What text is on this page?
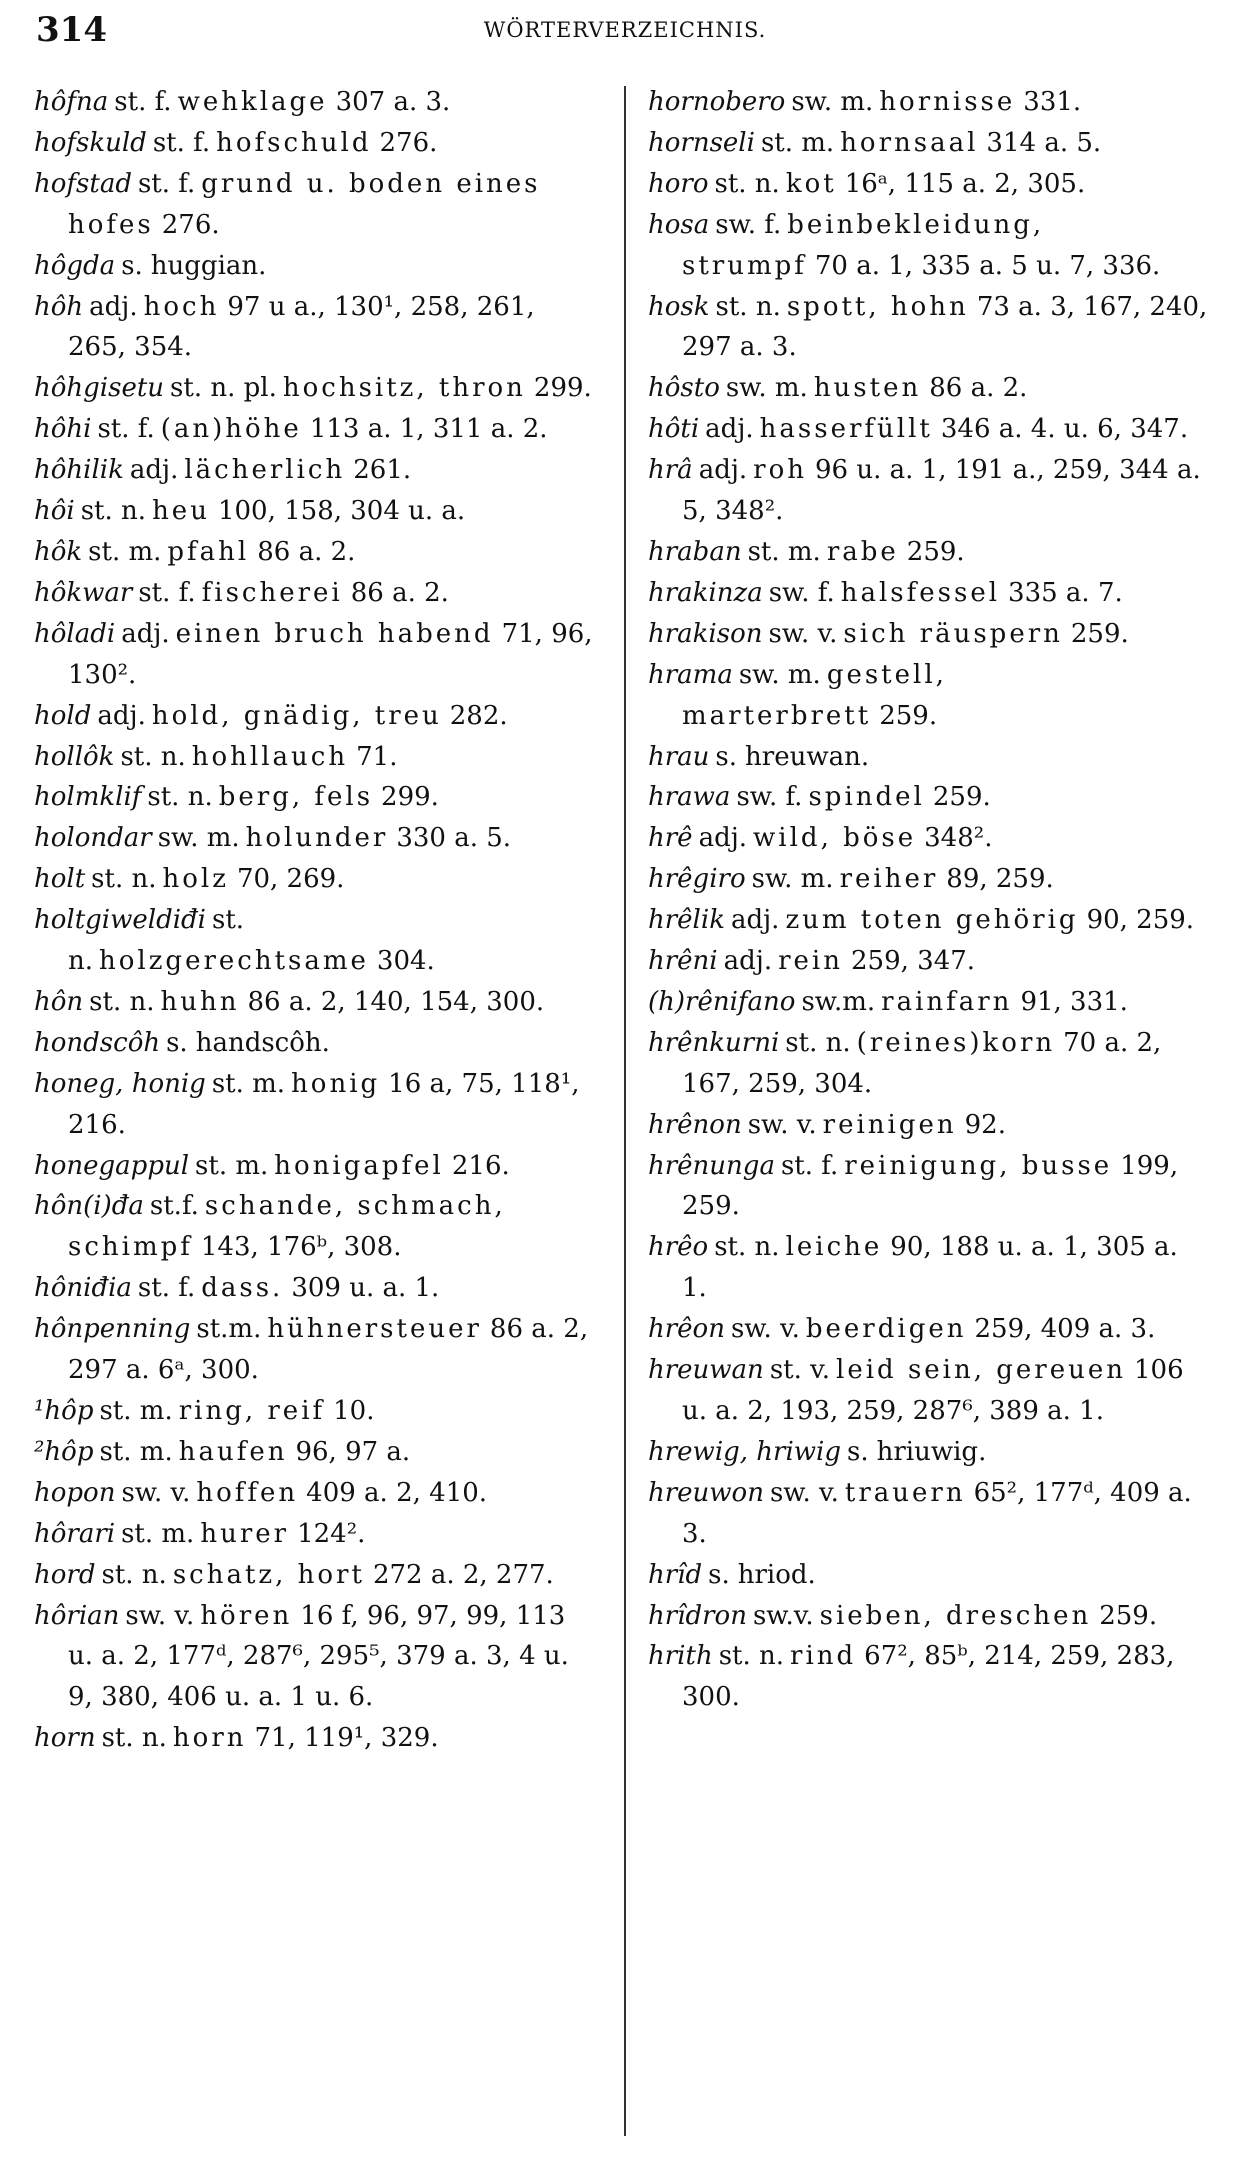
314	WÖRTERVERZEICHNIS.

hôfna st. f. wehklage 307 a. 3.

hofskuld st. f. hofschuld 276.

hofstad st. f. grund u. boden eines hofes 276.

hôgda s. huggian.

hôh adj. hoch 97 u a., 130¹, 258, 261, 265, 354.

hôhgisetu st. n. pl. hochsitz, thron 299.

hôhi st. f. (an)höhe 113 a. 1, 311 a. 2.

hôhilik adj. lächerlich 261.

hôi st. n. heu 100, 158, 304 u. a.

hôk st. m. pfahl 86 a. 2.

hôkwar st. f. fischerei 86 a. 2.

hôladi adj. einen bruch habend 71, 96, 130².

hold adj. hold, gnädig, treu 282.

hollôk st. n. hohllauch 71.

holmklif st. n. berg, fels 299.

holondar sw. m. holunder 330 a. 5.

holt st. n. holz 70, 269.

holtgiweldiđi st. n. holzgerechtsame 304.

hôn st. n. huhn 86 a. 2, 140, 154, 300.

hondscôh s. handscôh.

honeg, honig st. m. honig 16 a, 75, 118¹, 216.

honegappul st. m. honigapfel 216.

hôn(i)đa st.f. schande, schmach, schimpf 143, 176ᵇ, 308.

hôniđia st. f. dass. 309 u. a. 1.

hônpenning st.m. hühnersteuer 86 a. 2, 297 a. 6ᵃ, 300.

¹hôp st. m. ring, reif 10.

²hôp st. m. haufen 96, 97 a.

hopon sw. v. hoffen 409 a. 2, 410.

hôrari st. m. hurer 124².

hord st. n. schatz, hort 272 a. 2, 277.

hôrian sw. v. hören 16 f, 96, 97, 99, 113 u. a. 2, 177ᵈ, 287⁶, 295⁵, 379 a. 3, 4 u. 9, 380, 406 u. a. 1 u. 6.

horn st. n. horn 71, 119¹, 329.

hornobero sw. m. hornisse 331.

hornseli st. m. hornsaal 314 a. 5.

horo st. n. kot 16ᵃ, 115 a. 2, 305.

hosa sw. f. beinbekleidung, strumpf 70 a. 1, 335 a. 5 u. 7, 336.

hosk st. n. spott, hohn 73 a. 3, 167, 240, 297 a. 3.

hôsto sw. m. husten 86 a. 2.

hôti adj. hasserfüllt 346 a. 4. u. 6, 347.

hrâ adj. roh 96 u. a. 1, 191 a., 259, 344 a. 5, 348².

hraban st. m. rabe 259.

hrakinza sw. f. halsfessel 335 a. 7.

hrakison sw. v. sich räuspern 259.

hrama sw. m. gestell, marterbrett 259.

hrau s. hreuwan.

hrawa sw. f. spindel 259.

hrê adj. wild, böse 348².

hrêgiro sw. m. reiher 89, 259.

hrêlik adj. zum toten gehörig 90, 259.

hrêni adj. rein 259, 347.

(h)rênifano sw.m. rainfarn 91, 331.

hrênkurni st. n. (reines)korn 70 a. 2, 167, 259, 304.

hrênon sw. v. reinigen 92.

hrênunga st. f. reinigung, busse 199, 259.

hrêo st. n. leiche 90, 188 u. a. 1, 305 a. 1.

hrêon sw. v. beerdigen 259, 409 a. 3.

hreuwan st. v. leid sein, gereuen 106 u. a. 2, 193, 259, 287⁶, 389 a. 1.

hrewig, hriwig s. hriuwig.

hreuwon sw. v. trauern 65², 177ᵈ, 409 a. 3.

hrîd s. hriod.

hrîdron sw.v. sieben, dreschen 259.

hrith st. n. rind 67², 85ᵇ, 214, 259, 283, 300.
